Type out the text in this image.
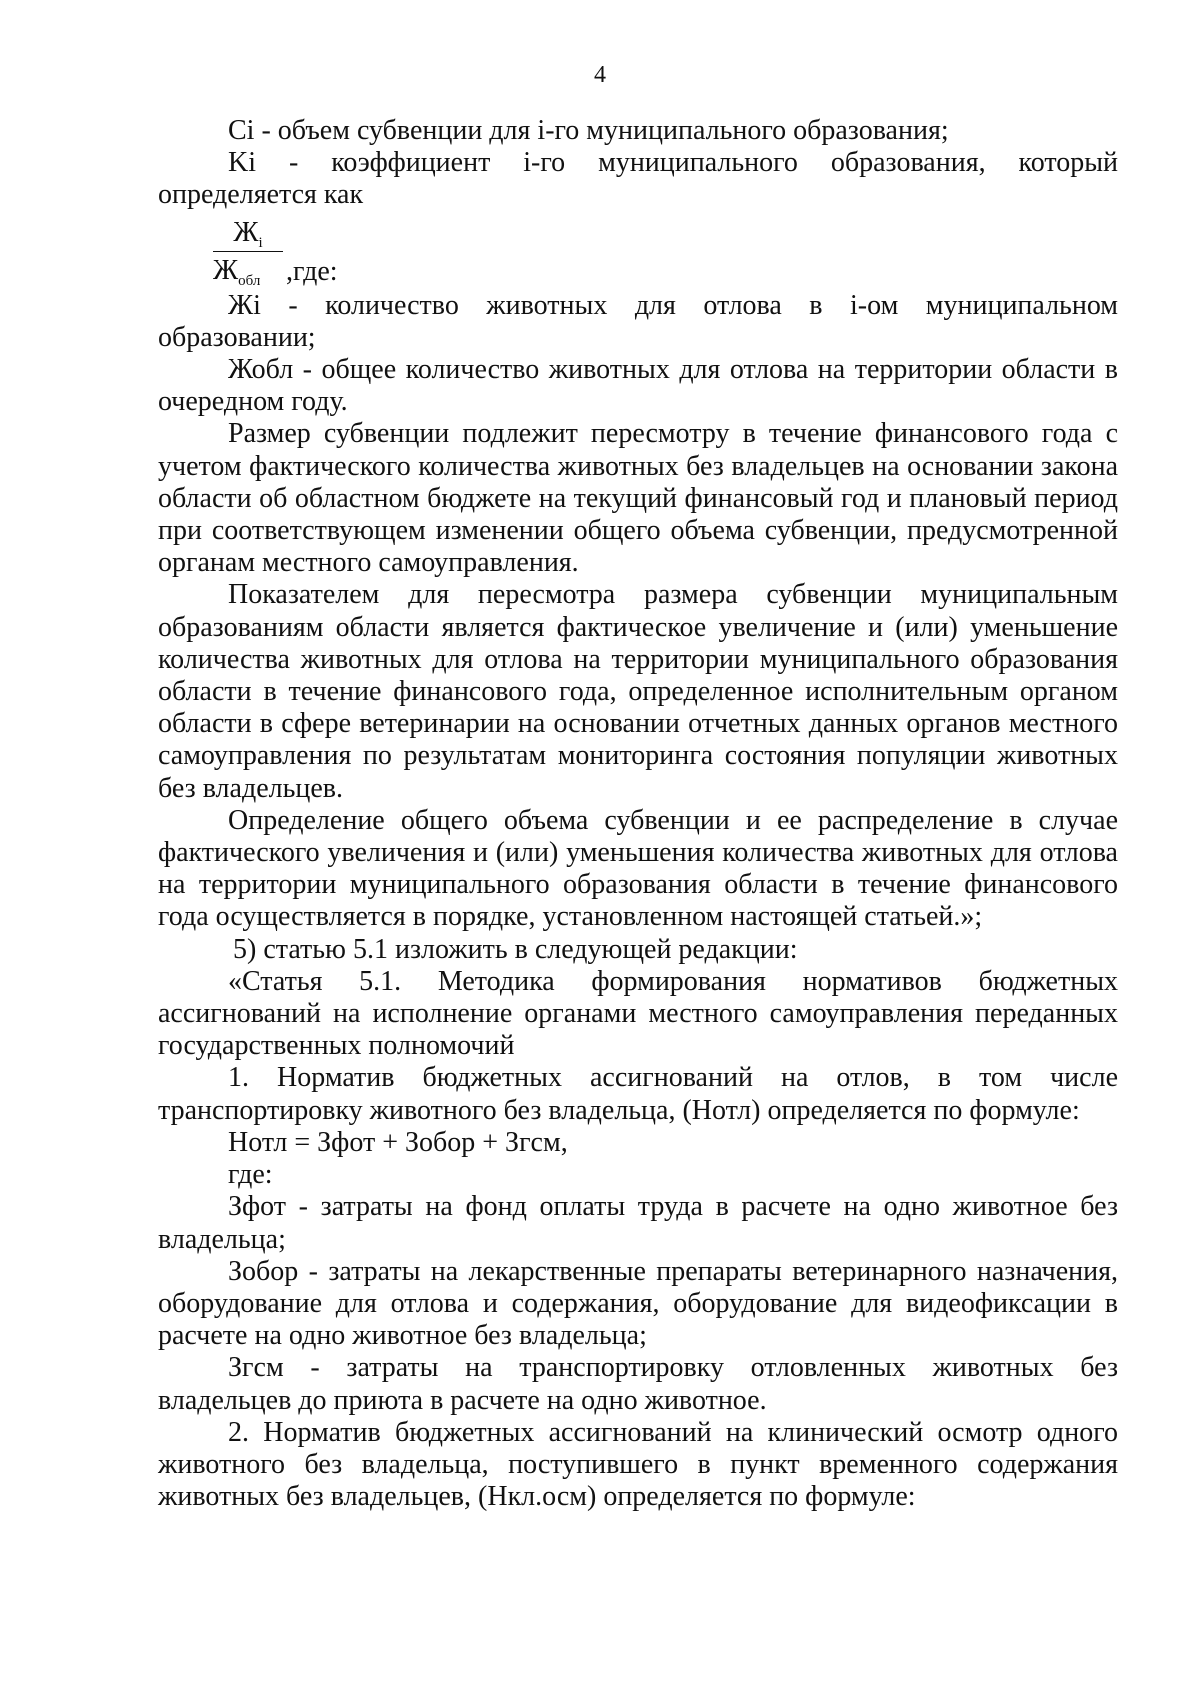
4

Ci - объем субвенции для i-го муниципального образования;

Ki - коэффициент i-го муниципального образования, который определяется как

$Ж_i$
$Ж_{обл}$ ,где:

Жi - количество животных для отлова в i-ом муниципальном образовании;

Жобл - общее количество животных для отлова на территории области в очередном году.

Размер субвенции подлежит пересмотру в течение финансового года с учетом фактического количества животных без владельцев на основании закона области об областном бюджете на текущий финансовый год и плановый период при соответствующем изменении общего объема субвенции, предусмотренной органам местного самоуправления.

Показателем для пересмотра размера субвенции муниципальным образованиям области является фактическое увеличение и (или) уменьшение количества животных для отлова на территории муниципального образования области в течение финансового года, определенное исполнительным органом области в сфере ветеринарии на основании отчетных данных органов местного самоуправления по результатам мониторинга состояния популяции животных без владельцев.

Определение общего объема субвенции и ее распределение в случае фактического увеличения и (или) уменьшения количества животных для отлова на территории муниципального образования области в течение финансового года осуществляется в порядке, установленном настоящей статьей.»;

5) статью 5.1 изложить в следующей редакции:

«Статья 5.1. Методика формирования нормативов бюджетных ассигнований на исполнение органами местного самоуправления переданных государственных полномочий

1. Норматив бюджетных ассигнований на отлов, в том числе транспортировку животного без владельца, (Нотл) определяется по формуле:

Нотл = Зфот + Зобор + Згсм,

где:

Зфот - затраты на фонд оплаты труда в расчете на одно животное без владельца;

Зобор - затраты на лекарственные препараты ветеринарного назначения, оборудование для отлова и содержания, оборудование для видеофиксации в расчете на одно животное без владельца;

Згсм - затраты на транспортировку отловленных животных без владельцев до приюта в расчете на одно животное.

2. Норматив бюджетных ассигнований на клинический осмотр одного животного без владельца, поступившего в пункт временного содержания животных без владельцев, (Нкл.осм) определяется по формуле:
